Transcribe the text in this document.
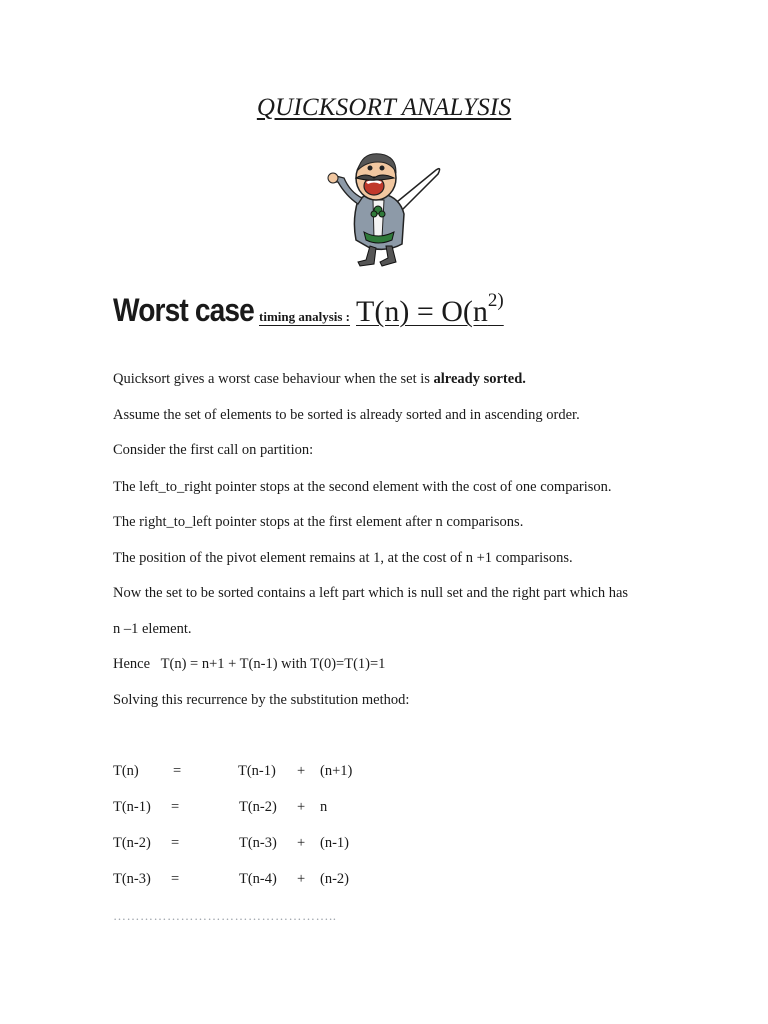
QUICKSORT ANALYSIS
Worst case timing analysis : $T(n) = O(n^{2)}$
Quicksort gives a worst case behaviour when the set is already sorted.
Assume the set of elements to be sorted is already sorted and in ascending order.
Consider the first call on partition:
The left_to_right pointer stops at the second element with the cost of one comparison.
The right_to_left pointer stops at the first element after n comparisons.
The position of the pivot element remains at 1, at the cost of n +1 comparisons.
Now the set to be sorted contains a left part which is null set and the right part which has
n –1 element.
Hence   T(n) = n+1 + T(n-1) with T(0)=T(1)=1
Solving this recurrence by the substitution method:
T(n) =	T(n-1) + (n+1)
T(n-1) =	T(n-2) + n
T(n-2) =	T(n-3) + (n-1)
T(n-3) =	T(n-4) + (n-2)
…………………………………………..
